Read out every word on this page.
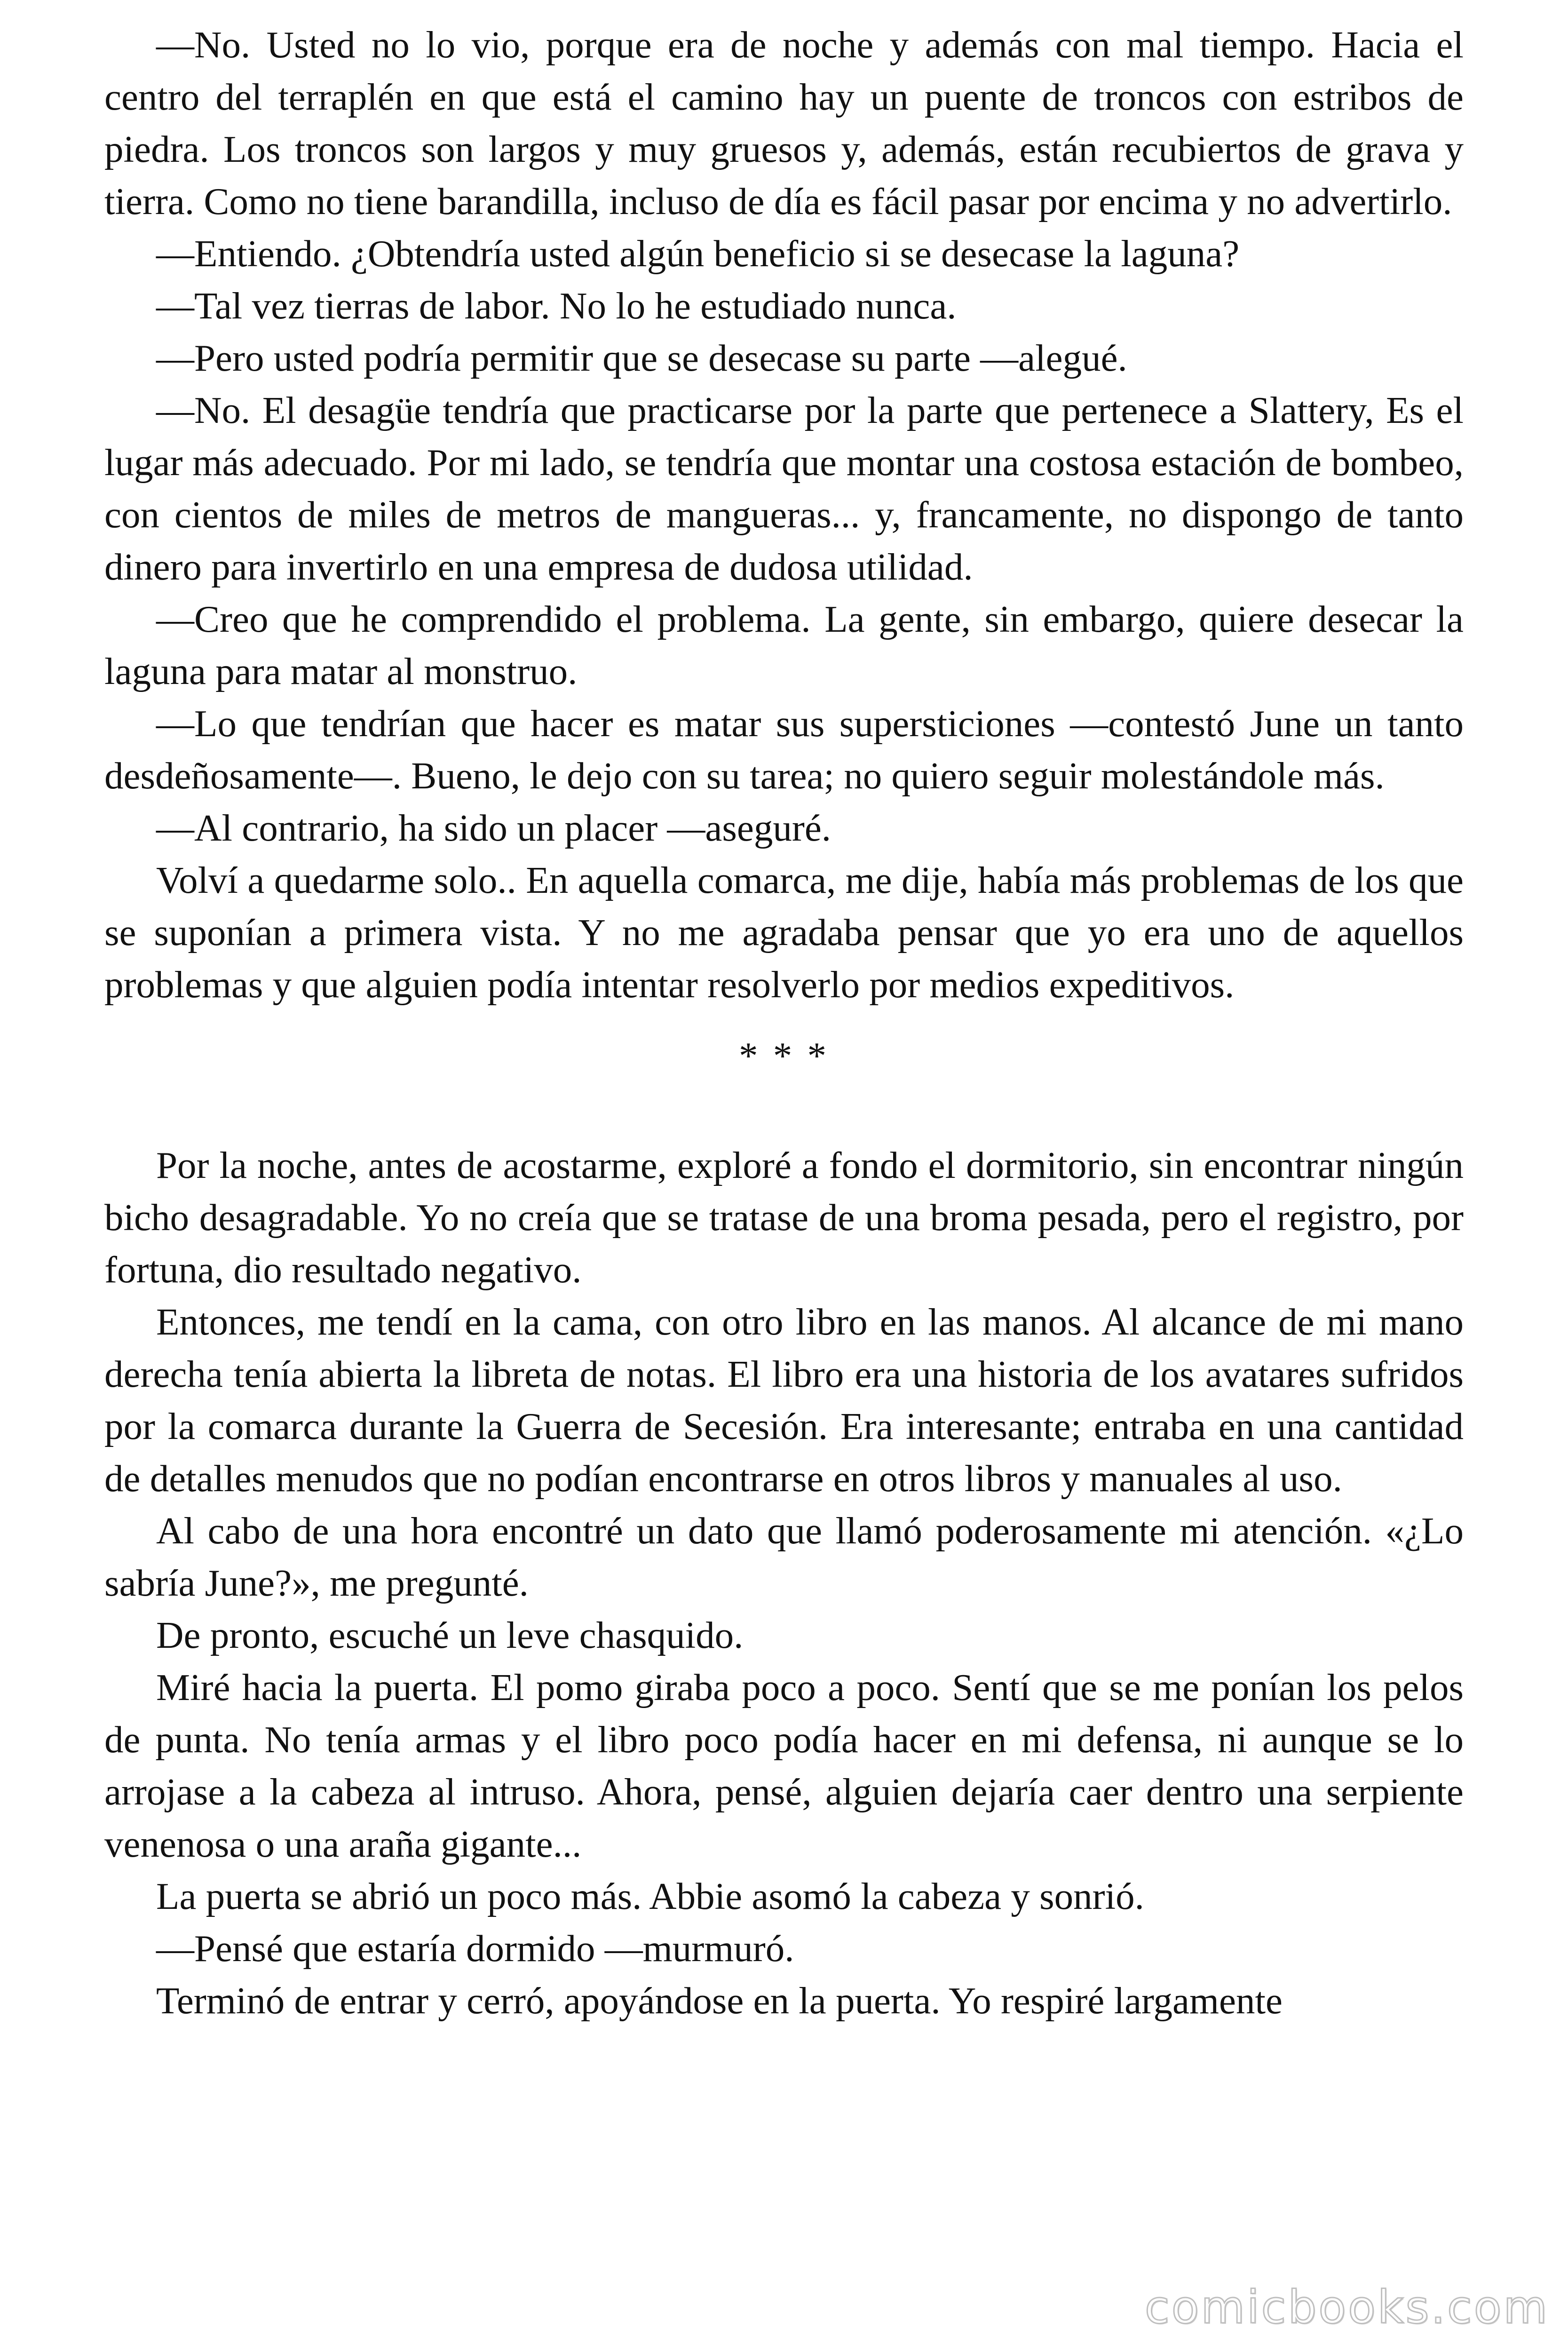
—No. Usted no lo vio, porque era de noche y además con mal tiempo. Hacia el centro del terraplén en que está el camino hay un puente de troncos con estribos de piedra. Los troncos son largos y muy gruesos y, además, están recubiertos de grava y tierra. Como no tiene barandilla, incluso de día es fácil pasar por encima y no advertirlo.

—Entiendo. ¿Obtendría usted algún beneficio si se desecase la laguna?

—Tal vez tierras de labor. No lo he estudiado nunca.

—Pero usted podría permitir que se desecase su parte —alegué.

—No. El desagüe tendría que practicarse por la parte que pertenece a Slattery, Es el lugar más adecuado. Por mi lado, se tendría que montar una costosa estación de bombeo, con cientos de miles de metros de mangueras... y, francamente, no dispongo de tanto dinero para invertirlo en una empresa de dudosa utilidad.

—Creo que he comprendido el problema. La gente, sin embargo, quiere desecar la laguna para matar al monstruo.

—Lo que tendrían que hacer es matar sus supersticiones —contestó June un tanto desdeñosamente—. Bueno, le dejo con su tarea; no quiero seguir molestándole más.

—Al contrario, ha sido un placer —aseguré.

Volví a quedarme solo.. En aquella comarca, me dije, había más problemas de los que se suponían a primera vista. Y no me agradaba pensar que yo era uno de aquellos problemas y que alguien podía intentar resolverlo por medios expeditivos.

* * *

Por la noche, antes de acostarme, exploré a fondo el dormitorio, sin encontrar ningún bicho desagradable. Yo no creía que se tratase de una broma pesada, pero el registro, por fortuna, dio resultado negativo.

Entonces, me tendí en la cama, con otro libro en las manos. Al alcance de mi mano derecha tenía abierta la libreta de notas. El libro era una historia de los avatares sufridos por la comarca durante la Guerra de Secesión. Era interesante; entraba en una cantidad de detalles menudos que no podían encontrarse en otros libros y manuales al uso.

Al cabo de una hora encontré un dato que llamó poderosamente mi atención. «¿Lo sabría June?», me pregunté.

De pronto, escuché un leve chasquido.

Miré hacia la puerta. El pomo giraba poco a poco. Sentí que se me ponían los pelos de punta. No tenía armas y el libro poco podía hacer en mi defensa, ni aunque se lo arrojase a la cabeza al intruso. Ahora, pensé, alguien dejaría caer dentro una serpiente venenosa o una araña gigante...

La puerta se abrió un poco más. Abbie asomó la cabeza y sonrió.

—Pensé que estaría dormido —murmuró.

Terminó de entrar y cerró, apoyándose en la puerta. Yo respiré largamente

comicbooks.com
